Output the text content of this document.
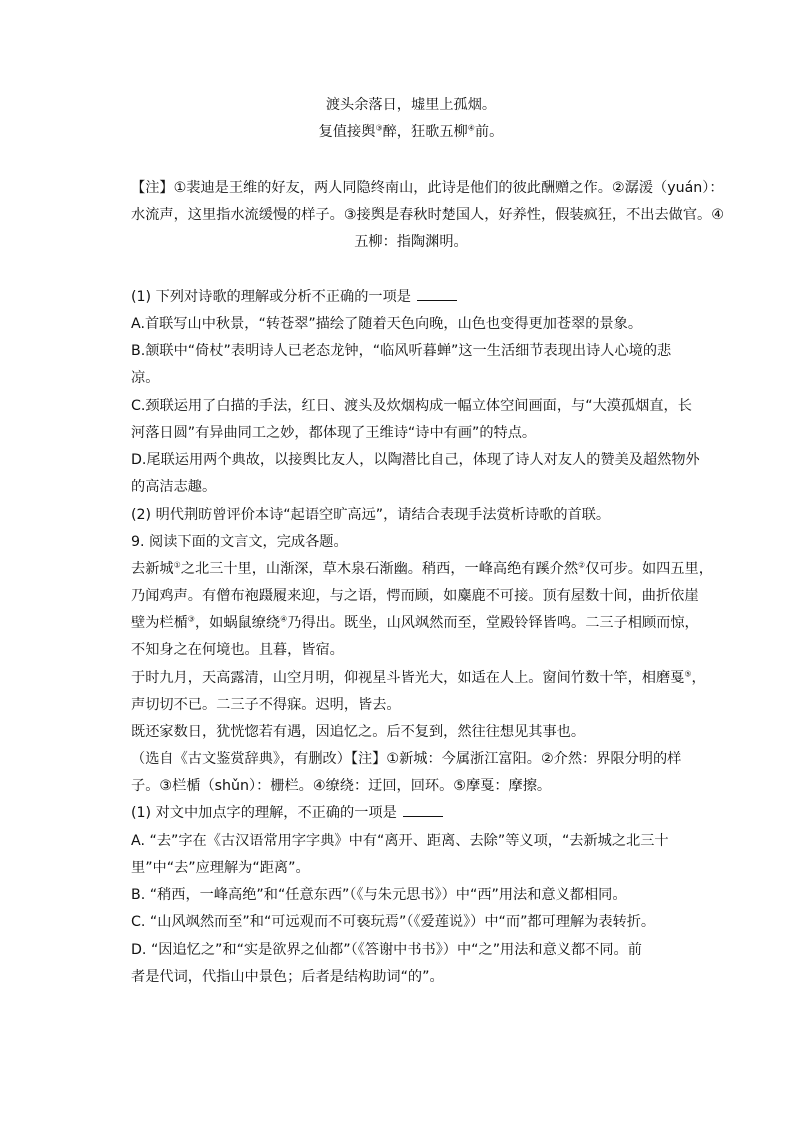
渡头余落日，墟里上孤烟。
复值接舆③醉，狂歌五柳④前。
【注】①裴迪是王维的好友，两人同隐终南山，此诗是他们的彼此酬赠之作。②潺湲（yuán）：
水流声，这里指水流缓慢的样子。③接舆是春秋时楚国人，好养性，假装疯狂，不出去做官。④
五柳：指陶渊明。
(1) 下列对诗歌的理解或分析不正确的一项是
A.首联写山中秋景，“转苍翠”描绘了随着天色向晚，山色也变得更加苍翠的景象。
B.颔联中“倚杖”表明诗人已老态龙钟，“临风听暮蝉”这一生活细节表现出诗人心境的悲
凉。
C.颈联运用了白描的手法，红日、渡头及炊烟构成一幅立体空间画面，与“大漠孤烟直，长
河落日圆”有异曲同工之妙，都体现了王维诗“诗中有画”的特点。
D.尾联运用两个典故，以接舆比友人，以陶潜比自己，体现了诗人对友人的赞美及超然物外
的高洁志趣。
(2) 明代荆昉曾评价本诗“起语空旷高远”，请结合表现手法赏析诗歌的首联。
9. 阅读下面的文言文，完成各题。
去新城①之北三十里，山渐深，草木泉石渐幽。稍西，一峰高绝有蹊介然②仅可步。如四五里，
乃闻鸡声。有僧布袍蹑履来迎，与之语，愕而顾，如麋鹿不可接。顶有屋数十间，曲折依崖
壁为栏楯③，如蜗鼠缭绕④乃得出。既坐，山风飒然而至，堂殿铃铎皆鸣。二三子相顾而惊，
不知身之在何境也。且暮，皆宿。
于时九月，天高露清，山空月明，仰视星斗皆光大，如适在人上。窗间竹数十竿，相磨戛⑤，
声切切不已。二三子不得寐。迟明，皆去。
既还家数日，犹恍惚若有遇，因追忆之。后不复到，然往往想见其事也。
（选自《古文鉴赏辞典》，有删改）【注】①新城：今属浙江富阳。②介然：界限分明的样
子。③栏楯（shǔn）：栅栏。④缭绕：迂回，回环。⑤摩戛：摩擦。
(1) 对文中加点字的理解，不正确的一项是
A. “去”字在《古汉语常用字字典》中有“离开、距离、去除”等义项，“去新城之北三十
里”中“去”应理解为“距离”。
B. “稍西，一峰高绝”和“任意东西”（《与朱元思书》）中“西”用法和意义都相同。
C. “山风飒然而至”和“可远观而不可亵玩焉”（《爱莲说》）中“而”都可理解为表转折。
D. “因追忆之”和“实是欲界之仙都”（《答谢中书书》）中“之”用法和意义都不同。前
者是代词，代指山中景色；后者是结构助词“的”。
